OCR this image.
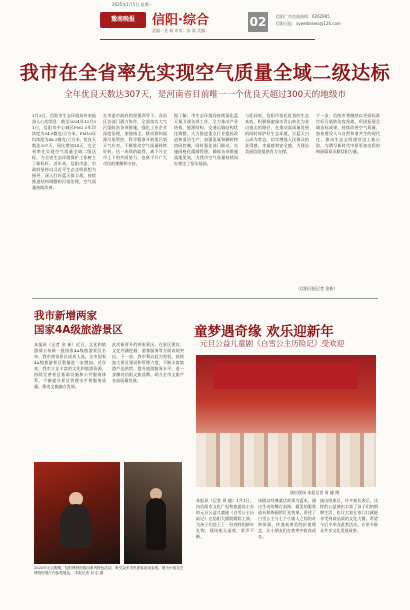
2025年1月5日 星期一
豫南晚报	信阳·综合
责编：金 新 审读：张 磊 美编：
02	信阳广告咨询热线：6262965
信阳日报：xywebnews@126.com
我市在全省率先实现空气质量全域二级达标
全年优良天数达307天，是河南省目前唯一一个优良天超过300天的地级市
1月3日，信阳市生态环境局传来振奋人心的消息：截至2024年12月31日，信阳市中心城区PM2.5年均浓度为34.9微克/立方米，PM10年均浓度为48.3微克/立方米，优良天数达307天，同比增加14天，在全省率先实现空气质量全域二级达标，为全省生态环境保护工作树立了新标杆。近年来，信阳市委、市政府坚持以习近平生态文明思想为指导，深入打好蓝天保卫战，持续推进结构调整和污染治理，空气质量持续改善。
在市委市政府的坚强领导下，各县区各部门通力协作，全面落实大气污染防治各项措施，强化工业企业深度治理，加强扬尘、移动源和面源污染管控，科学精准开展重污染天气应对，不断推动空气质量持续好转。这一成绩的取得，离不开全市上下的共同努力，也离不开广大市民的理解和支持。
据了解，市生态环境局持续深化蓝天保卫战各项工作，全力推动产业结构、能源结构、交通运输结构优化调整，大力推进重点行业提标改造和清洁生产，加强臭氧和颗粒物协同控制，同时强化部门联动，实施网格化精细管理，确保各项措施落地见效，为我市空气质量持续向好奠定了坚实基础。
与此同时，信阳市依托优良的生态本底，积极探索绿水青山转化为金山银山的路径，在推动高质量发展的同时保护好生态环境，让蓝天白云成为常态，切实增强人民群众的获得感、幸福感和安全感，为建设美丽信阳提供有力支撑。
下一步，信阳市将继续以更高标准打好污染防治攻坚战，巩固拓展全域达标成果，持续改善空气质量，加快建设人与自然和谐共生的现代化，推动生态文明建设迈上新台阶，为谱写新时代中原更加出彩的绚丽篇章贡献信阳力量。
（信阳日报记者 金新）
我市新增两家
国家4A级旅游景区
本报讯（记者 金 新）近日，文化和旅游部公布新一批国家4A级旅游景区名单，我市两家景区成功入选，全市国家4A级旅游景区数量进一步增加。近年来，我市立足丰富的文化和旅游资源，持续完善景区基础设施和公共服务体系，不断提升景区管理水平和服务质量，推动文旅融合发展。
此次新晋升的两家景区，在景区建设、文化内涵挖掘、游客服务等方面表现突出。下一步，我市将以此为契机，持续加大景区建设和管理力度，不断丰富旅游产品供给，提升旅游服务水平，进一步擦亮信阳文旅品牌，助力全市文旅产业高质量发展。
2025年元旦假期，信阳博物馆推出系列特色活动，吸引众多市民游客前来参观。图为小朋友在博物馆展厅内参观展品。 本报记者 刘 弘 摄
童梦遇奇缘 欢乐迎新年
元旦公益儿童剧《白雪公主历险记》受欢迎
演出现场 本报记者 周 捷 摄
本报讯（记者 周 捷）1月1日，由信阳市文化广电和旅游局主办的元旦公益儿童剧《白雪公主历险记》在信阳大剧院精彩上演，为孩子们送上了一份别样的新年礼物，现场座无虚席、掌声不断。
该剧以经典童话故事为蓝本，通过生动的舞台表演、精美的服装道具和绚丽的灯光效果，讲述了白雪公主与七个小矮人之间的奇妙故事，传递真善美的价值理念，让小朋友们在欢笑中收获成长。
演出结束后，许多家长表示，这样的公益演出丰富了孩子们的假期生活，也让大家在家门口就能享受到高品质的文化大餐，希望今后多举办此类活动，让更多群众共享文化发展成果。
